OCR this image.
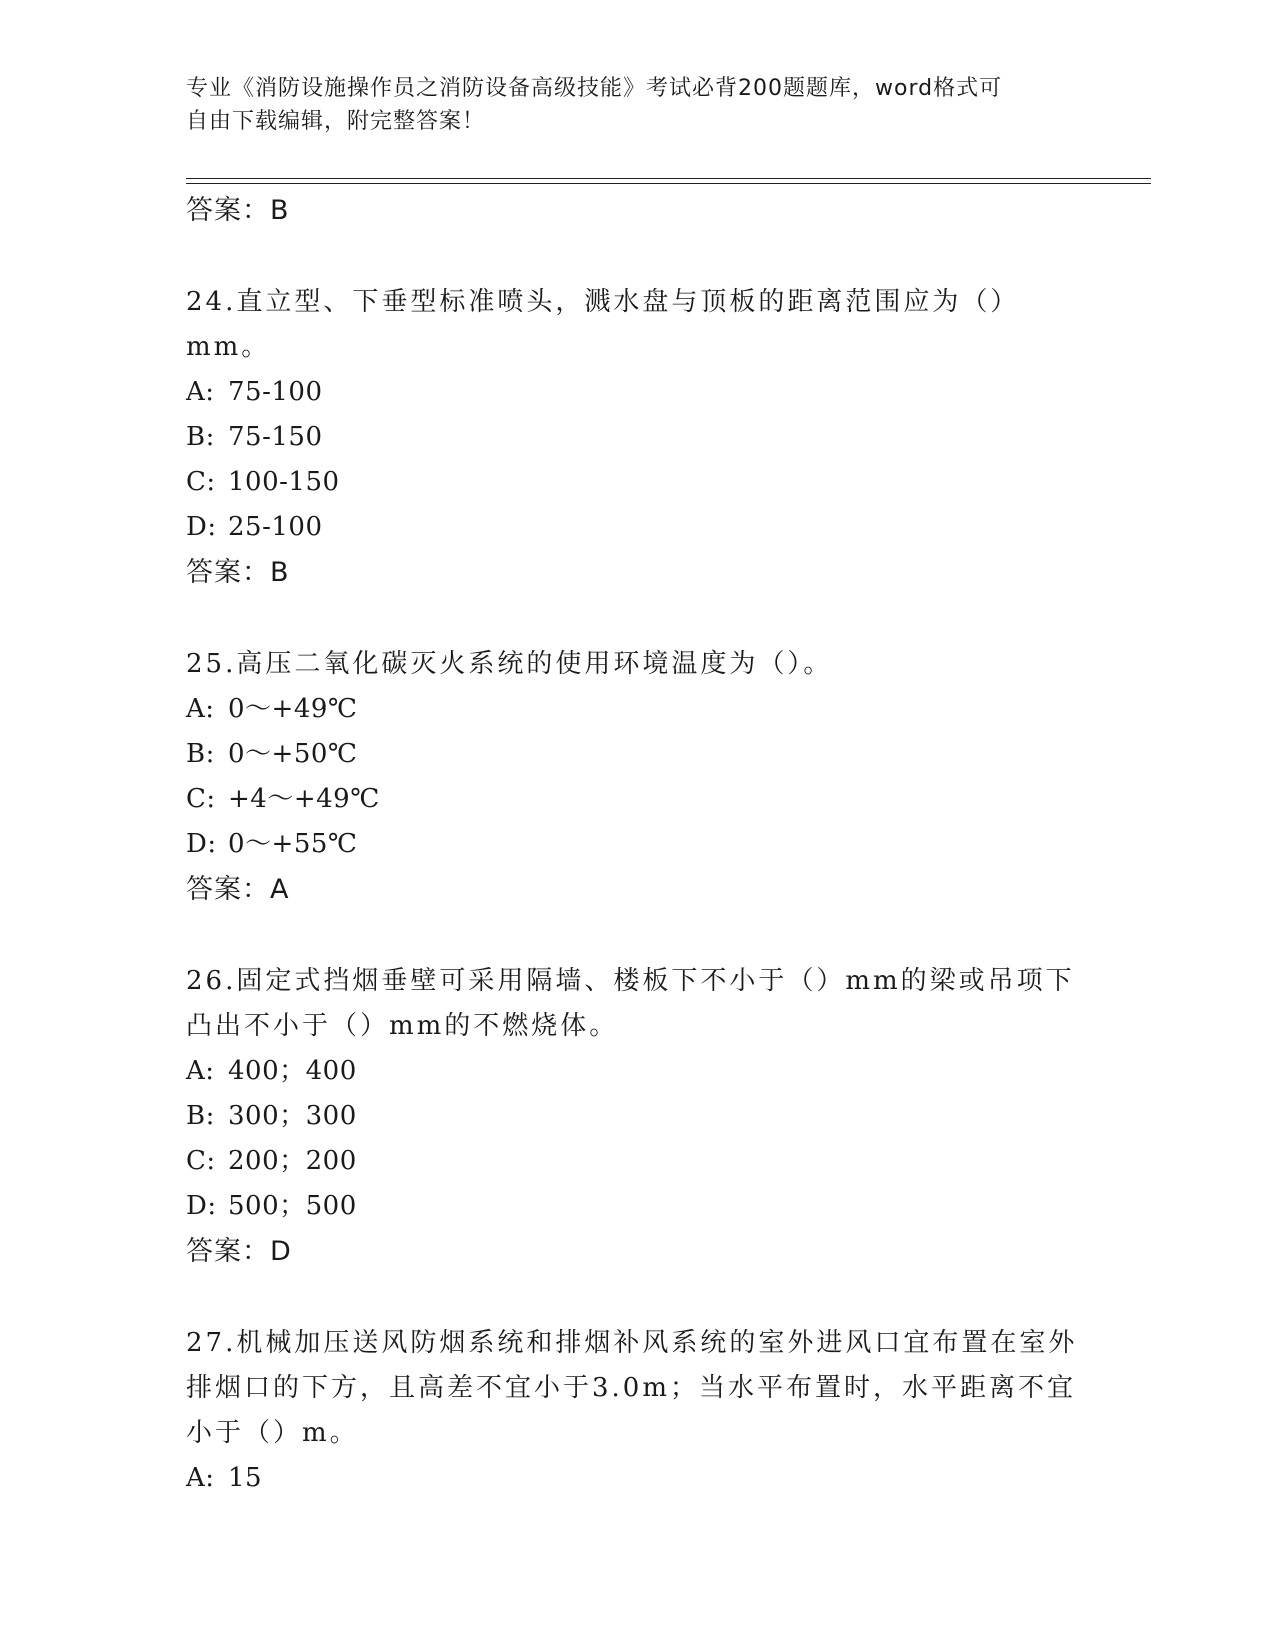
专业《消防设施操作员之消防设备高级技能》考试必背200题题库，word格式可
自由下载编辑，附完整答案！
答案：B
24.直立型、下垂型标准喷头，溅水盘与顶板的距离范围应为（）mm。
A: 75-100
B: 75-150
C: 100-150
D: 25-100
答案：B
25.高压二氧化碳灭火系统的使用环境温度为（）。
A: 0～+49℃
B: 0～+50℃
C: +4～+49℃
D: 0～+55℃
答案：A
26.固定式挡烟垂壁可采用隔墙、楼板下不小于（）mm的梁或吊项下凸出不小于（）mm的不燃烧体。
A: 400；400
B: 300；300
C: 200；200
D: 500；500
答案：D
27.机械加压送风防烟系统和排烟补风系统的室外进风口宜布置在室外排烟口的下方，且高差不宜小于3.0m；当水平布置时，水平距离不宜小于（）m。
A: 15
